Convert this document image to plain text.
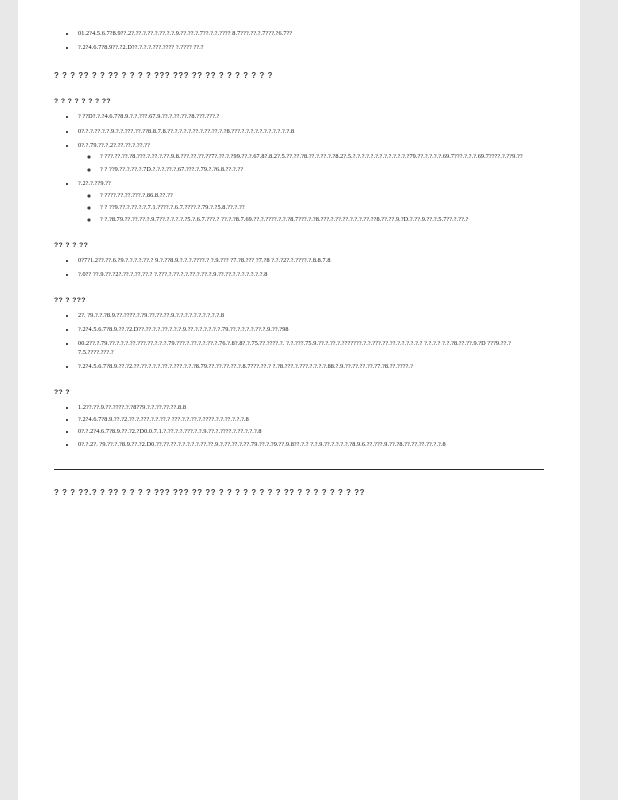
• 01.2?4.5.6.7?8.9??.2?.??.?.??.?.??.?.?.9.??.??.?.7??.?.?.???? 8.7???.??.?.7???.?6.7??
• ?.2?4.6.7?8.9??.?2.D??.?.?.?.???.???? ?.???? ??.?
? ? ? ?? ? ? ?? ? ? ? ? ??? ??? ?? ?? ? ? ? ? ? ? ?
? ? ? ? ? ? ? ??
• ? ??D?.?.?4.6.7?8.9.?.?.???.67.9.??.?.??.??.?8.???.???.?
• 0?.?.?.??.?.?.9.?.?.???.??.??8.8.7.8.??.?.?.?.?.??.?.??.??.?.?8.???.?.?.?.?.?.?.?.?.?.?.?.8
• 0?.?.79.??.?.2?.??.??.?.??.??
◦ ? ???.??.??.?8.???.?.??.?.??.9.8.???.??.??.??7?.??.?.?99.??.?.67.8?.8.2?.5.??.??.?8.??.?.??.?.?8.2?.5.?.?.?.?.?.?.?.?.?.?.?.?.?79.??.?.?.?.?.69.7???.?.?.?.69.7????.?.??9.??
◦ ? ? ??9.??.?.??.?.7D.?.?.?.??.?.67.???.?.79.?.?6.8.??.?.??
• ?.2?.?.??9.??
◦ ? ????.??.??.???.?.86.8.??.??
◦ ? ? ??9.??.?.??.?.?.7.1.????.?.6.7.????.?.79.?.?5.8.??.?.??
◦ ? ?.?8.79.??.??.??.?.9.7??.?.?.?.?.?5.?.6.7.???.? ??.?.?8.7.69.??.?.????.?.?.?8.7???.?.?8.???.?.??.??.?.?.?.??.??8.??.??.9.?D.?.??.9.??.?.5.7??.?.??.?
?? ? ? ??
• 0?7?1.2??.??.6.?9.?.?.?.?.??.? 9.?.??8.9.?.?.?.????.? ?.9.??? ?7.?8.??? ?7.?8 ?.?.?2?.?.????.?.8.8.7.8
• ?.0?? ??.9.??.?2?.??.?.??.??.? ?.???.?.??.?.?.??.?.??.?.9.??.??.?.?.?.?.?.?.?.8
?? ? ???
• 2?. ?9.?.?.?8.9.??.????.?.?9.??.??.??.9.?.?.?.?.?.?.?.?.?.?.8
• ?.2?4.5.6.7?8.9.??.?2.D??.??.?.?.??.?.?.?.9.??.?.?.?.?.?.?.79.??.?.?.?.?.??.?.9.??.?98
• 00.2??.?.79.??.?.?.?.??.???.??.?.?.?.79.???.?.??.?.?.??.?.76.?.8?.8?.?.75.??.????.?. ?.?.???.75.9.??.?.??.?.???????.?.?.???.??.??.?.?.?.?.?.? ?.?.?.? ?.?.?8.??.??.9.?D ???9.??.?7.5.????.???.?
• ?.2?4.5.6.7?8.9.??.?2.??.??.?.?.?.??.?.???.?.?.?8.79.??.??.??.??.?.8.7???.??.? ?.?8.???.?.???.?.?.?.?.88.?.9.??.??.??.??.?7.?8.??.????.?
?? ?
• 1.2??.??.9.??.????.?.?8??9.?.?.??.??.??.8.8
• ?.2?4.6.7?8.9.??.?2.??.?.???.?.?.??.? ???.?.?.??.?.????.?.?.??.?.?.?.8
• 0?.?.2?4.6.7?8.9.??.?2.?D0.0.7.1.?.??.?.?.???.?.?.9.??.?.????.?.??.?.?.?.8
• 0?.?.2?. ?9.??.?.?8.9.??.?2.D0.??.??.??.?.?.?.?.?.??.??.9.?.??.??.?.??.79.??.?.?9.??.9.8??.?.? ?.?.9.??.?.?.?.?.?8.9.6.??.???.9.??.?8.??.??.??.??.?.?.8
? ? ? ??.? ? ?? ? ? ? ? ??? ??? ?? ?? ? ? ? ? ? ? ? ? ?? ? ? ? ? ? ? ? ??
